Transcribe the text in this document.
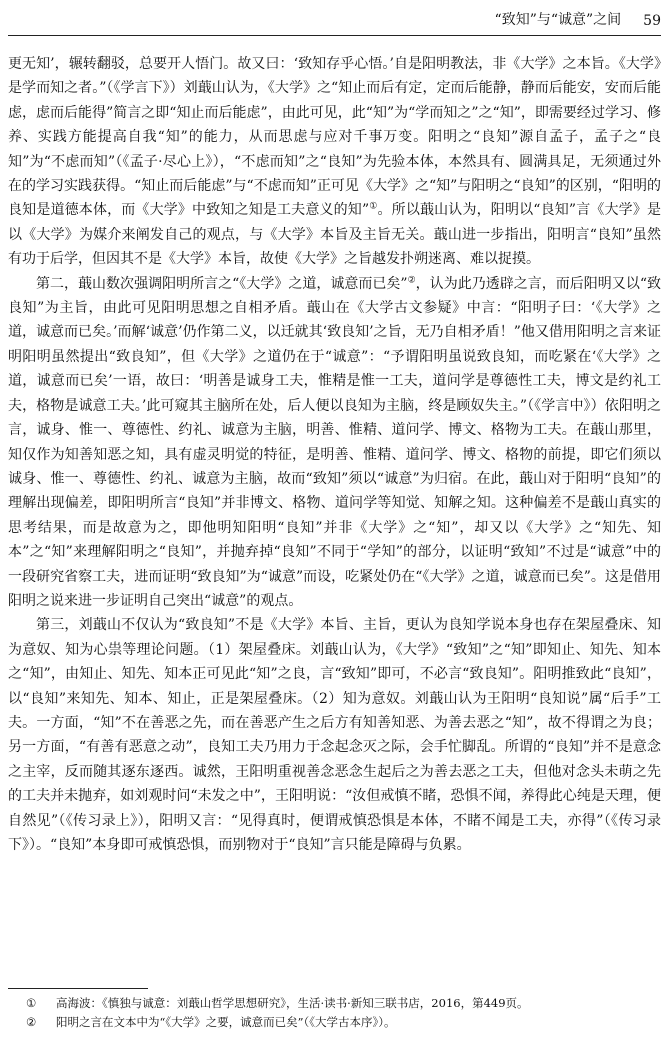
“致知”与“诚意”之间 59

更无知’，辗转翻驳，总要开人悟门。故又曰：‘致知存乎心悟。’自是阳明教法，非《大学》之本旨。《大学》是学而知之者。”（《学言下》）刘蕺山认为，《大学》之“知止而后有定，定而后能静，静而后能安，安而后能虑，虑而后能得”简言之即“知止而后能虑”，由此可见，此“知”为“学而知之”之“知”，即需要经过学习、修养、实践方能提高自我“知”的能力，从而思虑与应对千事万变。阳明之“良知”源自孟子，孟子之“良知”为“不虑而知”（《孟子·尽心上》），“不虑而知”之“良知”为先验本体，本然具有、圆满具足，无须通过外在的学习实践获得。“知止而后能虑”与“不虑而知”正可见《大学》之“知”与阳明之“良知”的区别，“阳明的良知是道德本体，而《大学》中致知之知是工夫意义的知”①。所以蕺山认为，阳明以“良知”言《大学》是以《大学》为媒介来阐发自己的观点，与《大学》本旨及主旨无关。蕺山进一步指出，阳明言“良知”虽然有功于后学，但因其不是《大学》本旨，故使《大学》之旨越发扑朔迷离、难以捉摸。

第二，蕺山数次强调阳明所言之“《大学》之道，诚意而已矣”②，认为此乃透辟之言，而后阳明又以“致良知”为主旨，由此可见阳明思想之自相矛盾。蕺山在《大学古文参疑》中言：“阳明子曰：‘《大学》之道，诚意而已矣。’而解‘诚意’仍作第二义，以迁就其‘致良知’之旨，无乃自相矛盾！”他又借用阳明之言来证明阳明虽然提出“致良知”，但《大学》之道仍在于“诚意”：“予谓阳明虽说致良知，而吃紧在‘《大学》之道，诚意而已矣’一语，故曰：‘明善是诚身工夫，惟精是惟一工夫，道问学是尊德性工夫，博文是约礼工夫，格物是诚意工夫。’此可窥其主脑所在处，后人便以良知为主脑，终是顾奴失主。”（《学言中》）依阳明之言，诚身、惟一、尊德性、约礼、诚意为主脑，明善、惟精、道问学、博文、格物为工夫。在蕺山那里，知仅作为知善知恶之知，具有虚灵明觉的特征，是明善、惟精、道问学、博文、格物的前提，即它们须以诚身、惟一、尊德性、约礼、诚意为主脑，故而“致知”须以“诚意”为归宿。在此，蕺山对于阳明“良知”的理解出现偏差，即阳明所言“良知”并非博文、格物、道问学等知觉、知解之知。这种偏差不是蕺山真实的思考结果，而是故意为之，即他明知阳明“良知”并非《大学》之“知”，却又以《大学》之“知先、知本”之“知”来理解阳明之“良知”，并抛弃掉“良知”不同于“学知”的部分，以证明“致知”不过是“诚意”中的一段研究省察工夫，进而证明“致良知”为“诚意”而设，吃紧处仍在“《大学》之道，诚意而已矣”。这是借用阳明之说来进一步证明自己突出“诚意”的观点。

第三，刘蕺山不仅认为“致良知”不是《大学》本旨、主旨，更认为良知学说本身也存在架屋叠床、知为意奴、知为心祟等理论问题。（1）架屋叠床。刘蕺山认为，《大学》“致知”之“知”即知止、知先、知本之“知”，由知止、知先、知本正可见此“知”之良，言“致知”即可，不必言“致良知”。阳明推致此“良知”，以“良知”来知先、知本、知止，正是架屋叠床。（2）知为意奴。刘蕺山认为王阳明“良知说”属“后手”工夫。一方面，“知”不在善恶之先，而在善恶产生之后方有知善知恶、为善去恶之“知”，故不得谓之为良；另一方面，“有善有恶意之动”，良知工夫乃用力于念起念灭之际，会手忙脚乱。所谓的“良知”并不是意念之主宰，反而随其逐东逐西。诚然，王阳明重视善念恶念生起后之为善去恶之工夫，但他对念头未萌之先的工夫并未抛弃，如刘观时问“未发之中”，王阳明说：“汝但戒慎不睹，恐惧不闻，养得此心纯是天理，便自然见”（《传习录上》），阳明又言：“见得真时，便谓戒慎恐惧是本体，不睹不闻是工夫，亦得”（《传习录下》）。“良知”本身即可戒慎恐惧，而别物对于“良知”言只能是障碍与负累。

①	高海波：《慎独与诚意：刘蕺山哲学思想研究》，生活·读书·新知三联书店，2016，第449页。
②	阳明之言在文本中为“《大学》之要，诚意而已矣”（《大学古本序》）。
